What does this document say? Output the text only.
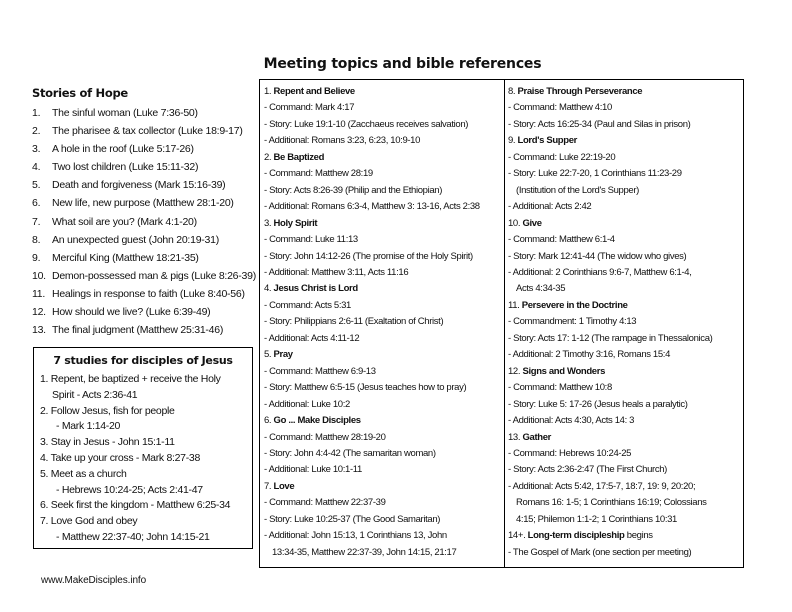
Meeting topics and bible references
Stories of Hope
1. The sinful woman (Luke 7:36-50)
2. The pharisee & tax collector (Luke 18:9-17)
3. A hole in the roof (Luke 5:17-26)
4. Two lost children (Luke 15:11-32)
5. Death and forgiveness (Mark 15:16-39)
6. New life, new purpose (Matthew 28:1-20)
7. What soil are you? (Mark 4:1-20)
8. An unexpected guest (John 20:19-31)
9. Merciful King (Matthew 18:21-35)
10. Demon-possessed man & pigs (Luke 8:26-39)
11. Healings in response to faith (Luke 8:40-56)
12. How should we live? (Luke 6:39-49)
13. The final judgment (Matthew 25:31-46)
7 studies for disciples of Jesus
1. Repent, be baptized + receive the Holy
Spirit - Acts 2:36-41
2. Follow Jesus, fish for people
- Mark 1:14-20
3. Stay in Jesus - John 15:1-11
4. Take up your cross - Mark 8:27-38
5. Meet as a church
- Hebrews 10:24-25; Acts 2:41-47
6. Seek first the kingdom - Matthew 6:25-34
7. Love God and obey
- Matthew 22:37-40; John 14:15-21
1. Repent and Believe
- Command: Mark 4:17
- Story: Luke 19:1-10 (Zacchaeus receives salvation)
- Additional: Romans 3:23, 6:23, 10:9-10
2. Be Baptized
- Command: Matthew 28:19
- Story: Acts 8:26-39 (Philip and the Ethiopian)
- Additional: Romans 6:3-4, Matthew 3: 13-16, Acts 2:38
3. Holy Spirit
- Command: Luke 11:13
- Story: John 14:12-26 (The promise of the Holy Spirit)
- Additional: Matthew 3:11, Acts 11:16
4. Jesus Christ is Lord
- Command: Acts 5:31
- Story: Philippians 2:6-11 (Exaltation of Christ)
- Additional: Acts 4:11-12
5. Pray
- Command: Matthew 6:9-13
- Story: Matthew 6:5-15 (Jesus teaches how to pray)
- Additional: Luke 10:2
6. Go ... Make Disciples
- Command: Matthew 28:19-20
- Story: John 4:4-42 (The samaritan woman)
- Additional: Luke 10:1-11
7. Love
- Command: Matthew 22:37-39
- Story: Luke 10:25-37 (The Good Samaritan)
- Additional: John 15:13, 1 Corinthians 13, John
13:34-35, Matthew 22:37-39, John 14:15, 21:17
8. Praise Through Perseverance
- Command: Matthew 4:10
- Story: Acts 16:25-34 (Paul and Silas in prison)
9. Lord's Supper
- Command: Luke 22:19-20
- Story: Luke 22:7-20, 1 Corinthians 11:23-29
(Institution of the Lord's Supper)
- Additional: Acts 2:42
10. Give
- Command: Matthew 6:1-4
- Story: Mark 12:41-44 (The widow who gives)
- Additional: 2 Corinthians 9:6-7, Matthew 6:1-4,
Acts 4:34-35
11. Persevere in the Doctrine
- Commandment: 1 Timothy 4:13
- Story: Acts 17: 1-12 (The rampage in Thessalonica)
- Additional: 2 Timothy 3:16, Romans 15:4
12. Signs and Wonders
- Command: Matthew 10:8
- Story: Luke 5: 17-26 (Jesus heals a paralytic)
- Additional: Acts 4:30, Acts 14: 3
13. Gather
- Command: Hebrews 10:24-25
- Story: Acts 2:36-2:47 (The First Church)
- Additional: Acts 5:42, 17:5-7, 18:7, 19: 9, 20:20;
Romans 16: 1-5; 1 Corinthians 16:19; Colossians
4:15; Philemon 1:1-2; 1 Corinthians 10:31
14+. Long-term discipleship begins
- The Gospel of Mark (one section per meeting)
www.MakeDisciples.info
